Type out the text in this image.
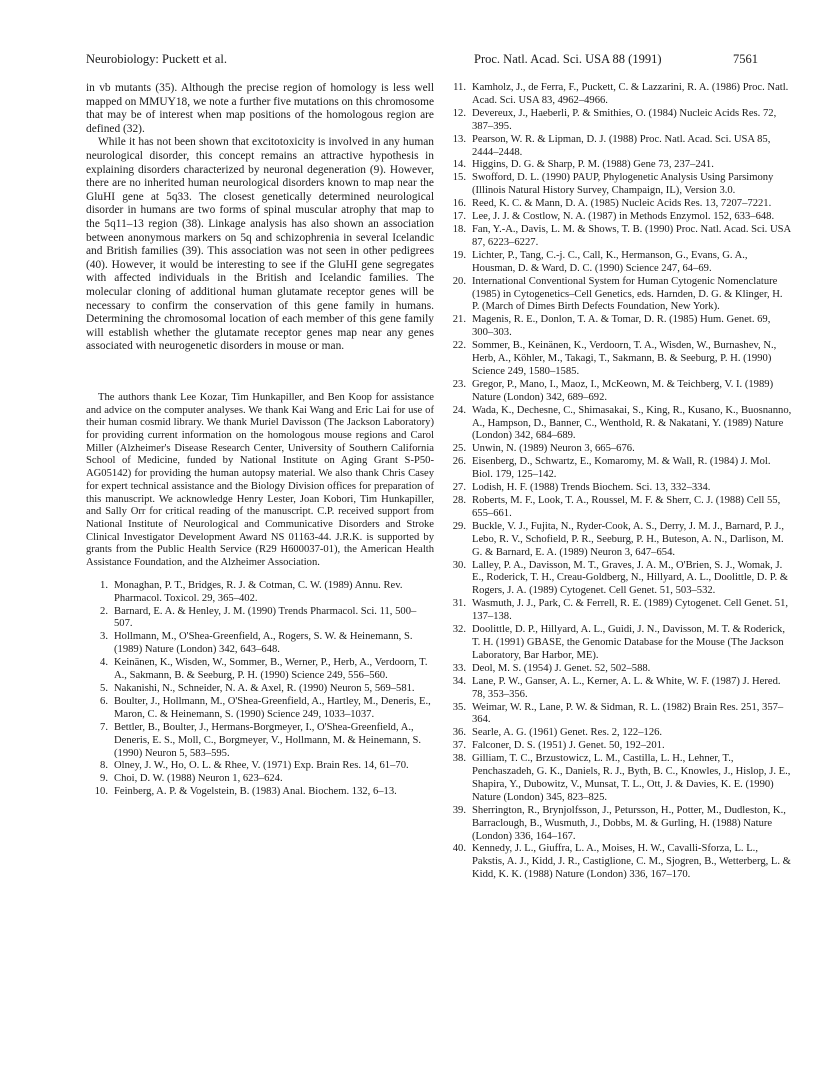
Neurobiology: Puckett et al.	Proc. Natl. Acad. Sci. USA 88 (1991)	7561

in vb mutants (35). Although the precise region of homology is less well mapped on MMUY18, we note a further five mutations on this chromosome that may be of interest when map positions of the homologous region are defined (32).

While it has not been shown that excitotoxicity is involved in any human neurological disorder, this concept remains an attractive hypothesis in explaining disorders characterized by neuronal degeneration (9). However, there are no inherited human neurological disorders known to map near the GluHI gene at 5q33. The closest genetically determined neurological disorder in humans are two forms of spinal muscular atrophy that map to the 5q11–13 region (38). Linkage analysis has also shown an association between anonymous markers on 5q and schizophrenia in several Icelandic and British families (39). This association was not seen in other pedigrees (40). However, it would be interesting to see if the GluHI gene segregates with affected individuals in the British and Icelandic families. The molecular cloning of additional human glutamate receptor genes will be necessary to confirm the conservation of this gene family in humans. Determining the chromosomal location of each member of this gene family will establish whether the glutamate receptor genes map near any genes associated with neurogenetic disorders in mouse or man.

The authors thank Lee Kozar, Tim Hunkapiller, and Ben Koop for assistance and advice on the computer analyses. We thank Kai Wang and Eric Lai for use of their human cosmid library. We thank Muriel Davisson (The Jackson Laboratory) for providing current information on the homologous mouse regions and Carol Miller (Alzheimer's Disease Research Center, University of Southern California School of Medicine, funded by National Institute on Aging Grant S-P50-AG05142) for providing the human autopsy material. We also thank Chris Casey for expert technical assistance and the Biology Division offices for preparation of this manuscript. We acknowledge Henry Lester, Joan Kobori, Tim Hunkapiller, and Sally Orr for critical reading of the manuscript. C.P. received support from National Institute of Neurological and Communicative Disorders and Stroke Clinical Investigator Development Award NS 01163-44. J.R.K. is supported by grants from the Public Health Service (R29 H600037-01), the American Health Assistance Foundation, and the Alzheimer Association.

1. Monaghan, P. T., Bridges, R. J. & Cotman, C. W. (1989) Annu. Rev. Pharmacol. Toxicol. 29, 365–402.
2. Barnard, E. A. & Henley, J. M. (1990) Trends Pharmacol. Sci. 11, 500–507.
3. Hollmann, M., O'Shea-Greenfield, A., Rogers, S. W. & Heinemann, S. (1989) Nature (London) 342, 643–648.
4. Keinänen, K., Wisden, W., Sommer, B., Werner, P., Herb, A., Verdoorn, T. A., Sakmann, B. & Seeburg, P. H. (1990) Science 249, 556–560.
5. Nakanishi, N., Schneider, N. A. & Axel, R. (1990) Neuron 5, 569–581.
6. Boulter, J., Hollmann, M., O'Shea-Greenfield, A., Hartley, M., Deneris, E., Maron, C. & Heinemann, S. (1990) Science 249, 1033–1037.
7. Bettler, B., Boulter, J., Hermans-Borgmeyer, I., O'Shea-Greenfield, A., Deneris, E. S., Moll, C., Borgmeyer, V., Hollmann, M. & Heinemann, S. (1990) Neuron 5, 583–595.
8. Olney, J. W., Ho, O. L. & Rhee, V. (1971) Exp. Brain Res. 14, 61–70.
9. Choi, D. W. (1988) Neuron 1, 623–624.
10. Feinberg, A. P. & Vogelstein, B. (1983) Anal. Biochem. 132, 6–13.
11. Kamholz, J., de Ferra, F., Puckett, C. & Lazzarini, R. A. (1986) Proc. Natl. Acad. Sci. USA 83, 4962–4966.
12. Devereux, J., Haeberli, P. & Smithies, O. (1984) Nucleic Acids Res. 72, 387–395.
13. Pearson, W. R. & Lipman, D. J. (1988) Proc. Natl. Acad. Sci. USA 85, 2444–2448.
14. Higgins, D. G. & Sharp, P. M. (1988) Gene 73, 237–241.
15. Swofford, D. L. (1990) PAUP, Phylogenetic Analysis Using Parsimony (Illinois Natural History Survey, Champaign, IL), Version 3.0.
16. Reed, K. C. & Mann, D. A. (1985) Nucleic Acids Res. 13, 7207–7221.
17. Lee, J. J. & Costlow, N. A. (1987) in Methods Enzymol. 152, 633–648.
18. Fan, Y.-A., Davis, L. M. & Shows, T. B. (1990) Proc. Natl. Acad. Sci. USA 87, 6223–6227.
19. Lichter, P., Tang, C.-j. C., Call, K., Hermanson, G., Evans, G. A., Housman, D. & Ward, D. C. (1990) Science 247, 64–69.
20. International Conventional System for Human Cytogenic Nomenclature (1985) in Cytogenetics–Cell Genetics, eds. Harnden, D. G. & Klinger, H. P. (March of Dimes Birth Defects Foundation, New York).
21. Magenis, R. E., Donlon, T. A. & Tomar, D. R. (1985) Hum. Genet. 69, 300–303.
22. Sommer, B., Keinänen, K., Verdoorn, T. A., Wisden, W., Burnashev, N., Herb, A., Köhler, M., Takagi, T., Sakmann, B. & Seeburg, P. H. (1990) Science 249, 1580–1585.
23. Gregor, P., Mano, I., Maoz, I., McKeown, M. & Teichberg, V. I. (1989) Nature (London) 342, 689–692.
24. Wada, K., Dechesne, C., Shimasakai, S., King, R., Kusano, K., Buosnanno, A., Hampson, D., Banner, C., Wenthold, R. & Nakatani, Y. (1989) Nature (London) 342, 684–689.
25. Unwin, N. (1989) Neuron 3, 665–676.
26. Eisenberg, D., Schwartz, E., Komaromy, M. & Wall, R. (1984) J. Mol. Biol. 179, 125–142.
27. Lodish, H. F. (1988) Trends Biochem. Sci. 13, 332–334.
28. Roberts, M. F., Look, T. A., Roussel, M. F. & Sherr, C. J. (1988) Cell 55, 655–661.
29. Buckle, V. J., Fujita, N., Ryder-Cook, A. S., Derry, J. M. J., Barnard, P. J., Lebo, R. V., Schofield, P. R., Seeburg, P. H., Buteson, A. N., Darlison, M. G. & Barnard, E. A. (1989) Neuron 3, 647–654.
30. Lalley, P. A., Davisson, M. T., Graves, J. A. M., O'Brien, S. J., Womak, J. E., Roderick, T. H., Creau-Goldberg, N., Hillyard, A. L., Doolittle, D. P. & Rogers, J. A. (1989) Cytogenet. Cell Genet. 51, 503–532.
31. Wasmuth, J. J., Park, C. & Ferrell, R. E. (1989) Cytogenet. Cell Genet. 51, 137–138.
32. Doolittle, D. P., Hillyard, A. L., Guidi, J. N., Davisson, M. T. & Roderick, T. H. (1991) GBASE, the Genomic Database for the Mouse (The Jackson Laboratory, Bar Harbor, ME).
33. Deol, M. S. (1954) J. Genet. 52, 502–588.
34. Lane, P. W., Ganser, A. L., Kerner, A. L. & White, W. F. (1987) J. Hered. 78, 353–356.
35. Weimar, W. R., Lane, P. W. & Sidman, R. L. (1982) Brain Res. 251, 357–364.
36. Searle, A. G. (1961) Genet. Res. 2, 122–126.
37. Falconer, D. S. (1951) J. Genet. 50, 192–201.
38. Gilliam, T. C., Brzustowicz, L. M., Castilla, L. H., Lehner, T., Penchaszadeh, G. K., Daniels, R. J., Byth, B. C., Knowles, J., Hislop, J. E., Shapira, Y., Dubowitz, V., Munsat, T. L., Ott, J. & Davies, K. E. (1990) Nature (London) 345, 823–825.
39. Sherrington, R., Brynjolfsson, J., Petursson, H., Potter, M., Dudleston, K., Barraclough, B., Wusmuth, J., Dobbs, M. & Gurling, H. (1988) Nature (London) 336, 164–167.
40. Kennedy, J. L., Giuffra, L. A., Moises, H. W., Cavalli-Sforza, L. L., Pakstis, A. J., Kidd, J. R., Castiglione, C. M., Sjogren, B., Wetterberg, L. & Kidd, K. K. (1988) Nature (London) 336, 167–170.
